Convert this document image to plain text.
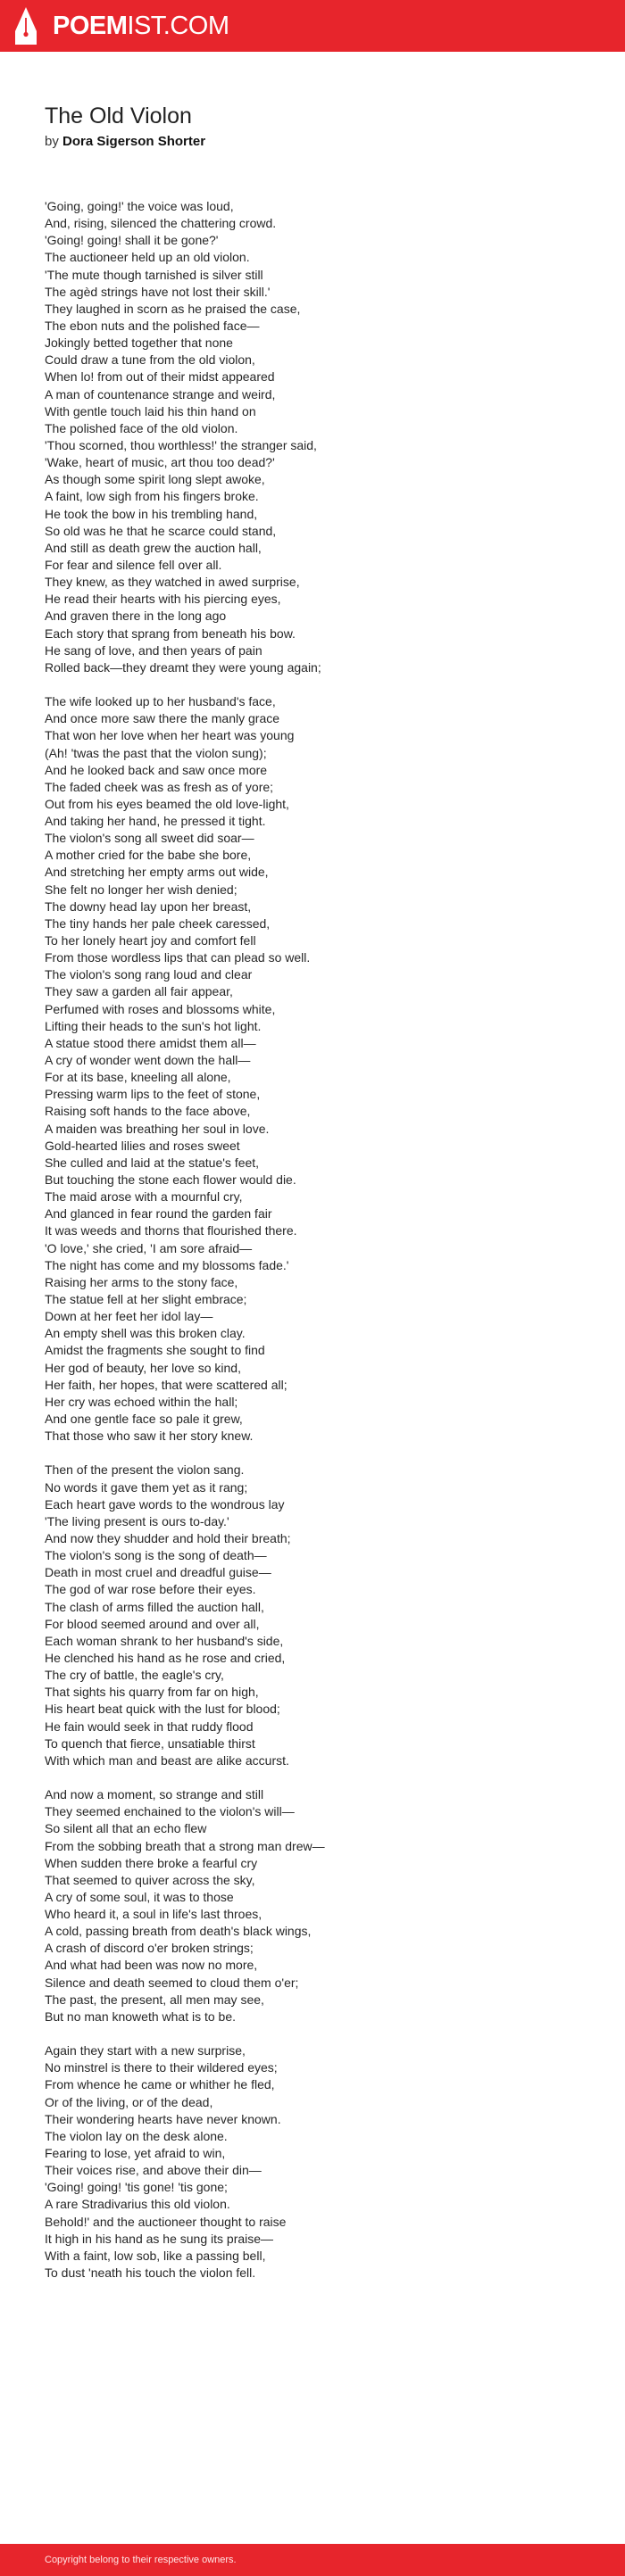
POEMIST.COM
The Old Violon
by Dora Sigerson Shorter
'Going, going!' the voice was loud,
And, rising, silenced the chattering crowd.
'Going! going! shall it be gone?'
The auctioneer held up an old violon.
'The mute though tarnished is silver still
The agèd strings have not lost their skill.'
They laughed in scorn as he praised the case,
The ebon nuts and the polished face—
Jokingly betted together that none
Could draw a tune from the old violon,
When lo! from out of their midst appeared
A man of countenance strange and weird,
With gentle touch laid his thin hand on
The polished face of the old violon.
'Thou scorned, thou worthless!' the stranger said,
'Wake, heart of music, art thou too dead?'
As though some spirit long slept awoke,
A faint, low sigh from his fingers broke.
He took the bow in his trembling hand,
So old was he that he scarce could stand,
And still as death grew the auction hall,
For fear and silence fell over all.
They knew, as they watched in awed surprise,
He read their hearts with his piercing eyes,
And graven there in the long ago
Each story that sprang from beneath his bow.
He sang of love, and then years of pain
Rolled back—they dreamt they were young again;
The wife looked up to her husband's face,
And once more saw there the manly grace
That won her love when her heart was young
(Ah! 'twas the past that the violon sung);
And he looked back and saw once more
The faded cheek was as fresh as of yore;
Out from his eyes beamed the old love-light,
And taking her hand, he pressed it tight.
The violon's song all sweet did soar—
A mother cried for the babe she bore,
And stretching her empty arms out wide,
She felt no longer her wish denied;
The downy head lay upon her breast,
The tiny hands her pale cheek caressed,
To her lonely heart joy and comfort fell
From those wordless lips that can plead so well.
The violon's song rang loud and clear
They saw a garden all fair appear,
Perfumed with roses and blossoms white,
Lifting their heads to the sun's hot light.
A statue stood there amidst them all—
A cry of wonder went down the hall—
For at its base, kneeling all alone,
Pressing warm lips to the feet of stone,
Raising soft hands to the face above,
A maiden was breathing her soul in love.
Gold-hearted lilies and roses sweet
She culled and laid at the statue's feet,
But touching the stone each flower would die.
The maid arose with a mournful cry,
And glanced in fear round the garden fair
It was weeds and thorns that flourished there.
'O love,' she cried, 'I am sore afraid—
The night has come and my blossoms fade.'
Raising her arms to the stony face,
The statue fell at her slight embrace;
Down at her feet her idol lay—
An empty shell was this broken clay.
Amidst the fragments she sought to find
Her god of beauty, her love so kind,
Her faith, her hopes, that were scattered all;
Her cry was echoed within the hall;
And one gentle face so pale it grew,
That those who saw it her story knew.
Then of the present the violon sang.
No words it gave them yet as it rang;
Each heart gave words to the wondrous lay
'The living present is ours to-day.'
And now they shudder and hold their breath;
The violon's song is the song of death—
Death in most cruel and dreadful guise—
The god of war rose before their eyes.
The clash of arms filled the auction hall,
For blood seemed around and over all,
Each woman shrank to her husband's side,
He clenched his hand as he rose and cried,
The cry of battle, the eagle's cry,
That sights his quarry from far on high,
His heart beat quick with the lust for blood;
He fain would seek in that ruddy flood
To quench that fierce, unsatiable thirst
With which man and beast are alike accurst.
And now a moment, so strange and still
They seemed enchained to the violon's will—
So silent all that an echo flew
From the sobbing breath that a strong man drew—
When sudden there broke a fearful cry
That seemed to quiver across the sky,
A cry of some soul, it was to those
Who heard it, a soul in life's last throes,
A cold, passing breath from death's black wings,
A crash of discord o'er broken strings;
And what had been was now no more,
Silence and death seemed to cloud them o'er;
The past, the present, all men may see,
But no man knoweth what is to be.
Again they start with a new surprise,
No minstrel is there to their wildered eyes;
From whence he came or whither he fled,
Or of the living, or of the dead,
Their wondering hearts have never known.
The violon lay on the desk alone.
Fearing to lose, yet afraid to win,
Their voices rise, and above their din—
'Going! going! 'tis gone! 'tis gone;
A rare Stradivarius this old violon.
Behold!' and the auctioneer thought to raise
It high in his hand as he sung its praise—
With a faint, low sob, like a passing bell,
To dust 'neath his touch the violon fell.
Copyright belong to their respective owners.
